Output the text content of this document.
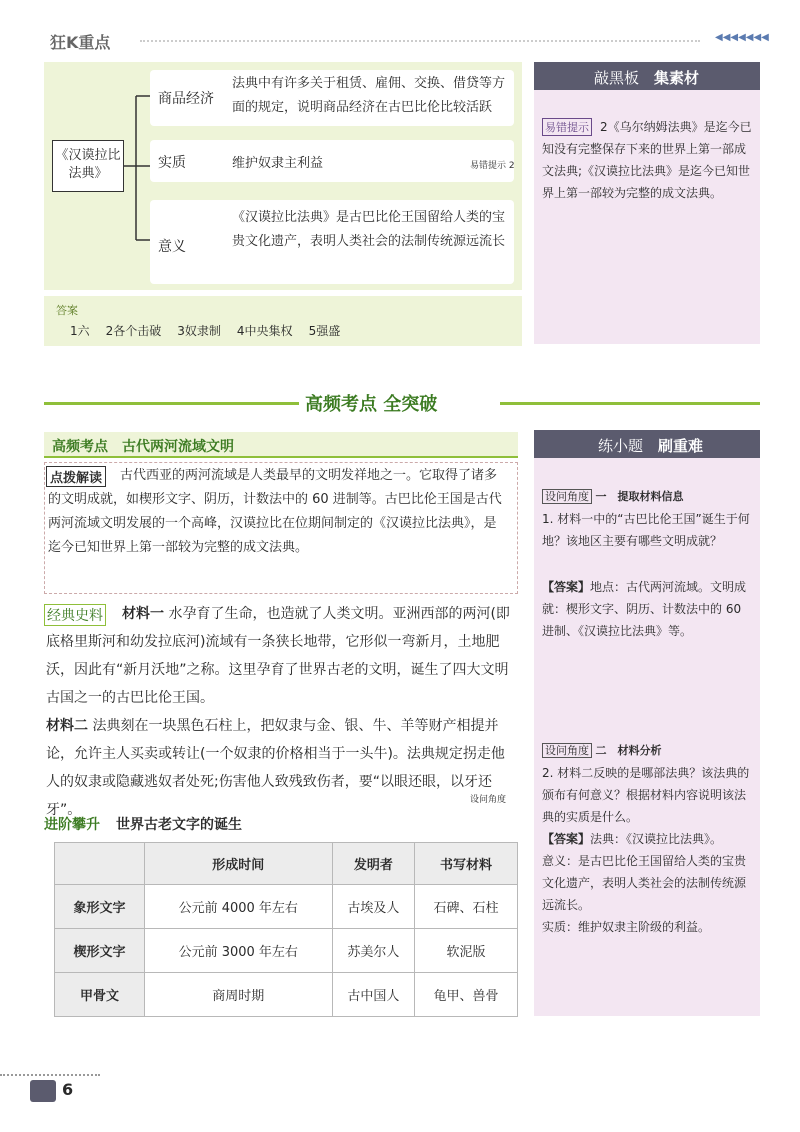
狂K重点	◀◀◀◀◀◀◀
《汉谟拉比法典》
商品经济
法典中有许多关于租赁、雇佣、交换、借贷等方面的规定，说明商品经济在古巴比伦比较活跃
实质	维护奴隶主利益	易错提示 2
意义
《汉谟拉比法典》是古巴比伦王国留给人类的宝贵文化遗产，表明人类社会的法制传统源远流长
答案
1六 2各个击破 3奴隶制 4中央集权 5强盛
敲黑板　 集素材
易错提示 2《乌尔纳姆法典》是迄今已知没有完整保存下来的世界上第一部成文法典;《汉谟拉比法典》是迄今已知世界上第一部较为完整的成文法典。
高频考点 全突破
高频考点　古代两河流域文明
点拨解读	古代西亚的两河流域是人类最早的文明发祥地之一。它取得了诸多的文明成就，如楔形文字、阴历，计数法中的 60 进制等。古巴比伦王国是古代两河流域文明发展的一个高峰，汉谟拉比在位期间制定的《汉谟拉比法典》，是迄今已知世界上第一部较为完整的成文法典。
经典史料	材料一 水孕育了生命，也造就了人类文明。亚洲西部的两河(即底格里斯河和幼发拉底河)流域有一条狭长地带，它形似一弯新月，土地肥沃，因此有“新月沃地”之称。这里孕育了世界古老的文明，诞生了四大文明古国之一的古巴比伦王国。
材料二 法典刻在一块黑色石柱上，把奴隶与金、银、牛、羊等财产相提并论，允许主人买卖或转让(一个奴隶的价格相当于一头牛)。法典规定拐走他人的奴隶或隐藏逃奴者处死;伤害他人致残致伤者，要“以眼还眼，以牙还牙”。
设问角度
进阶攀升 世界古老文字的诞生
	形成时间	发明者	书写材料
象形文字	公元前 4000 年左右	古埃及人	石碑、石柱
楔形文字	公元前 3000 年左右	苏美尔人	软泥版
甲骨文	商周时期	古中国人	龟甲、兽骨
练小题　 刷重难
设问角度 一　提取材料信息
1. 材料一中的“古巴比伦王国”诞生于何地？该地区主要有哪些文明成就？
【答案】地点：古代两河流域。文明成就：楔形文字、阴历、计数法中的 60 进制、《汉谟拉比法典》等。
设问角度 二　材料分析
2. 材料二反映的是哪部法典？该法典的颁布有何意义？根据材料内容说明该法典的实质是什么。
【答案】法典：《汉谟拉比法典》。
意义：是古巴比伦王国留给人类的宝贵文化遗产，表明人类社会的法制传统源远流长。
实质：维护奴隶主阶级的利益。
6
